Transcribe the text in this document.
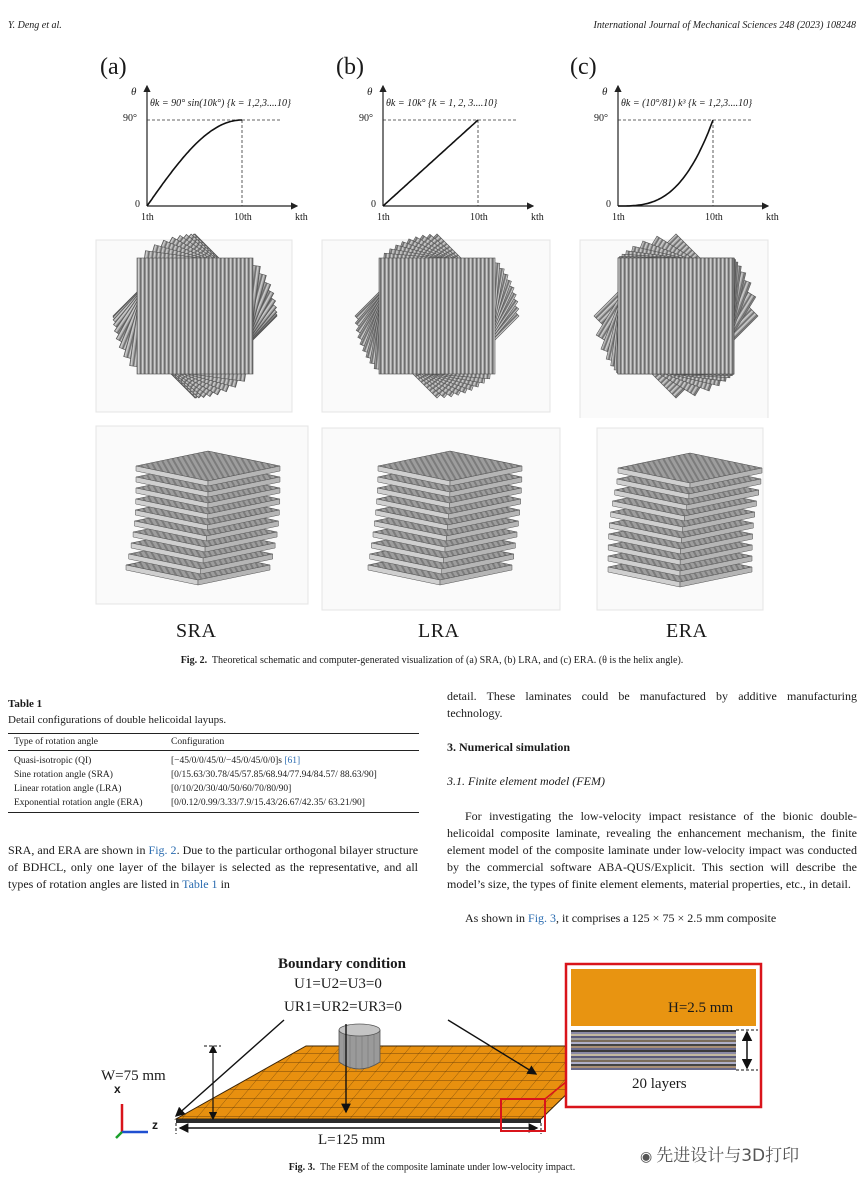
Y. Deng et al.	International Journal of Mechanical Sciences 248 (2023) 108248
(a)	(b)	(c)
θ
90°
0
1th	10th	kth
θk = 90° sin(10k°) {k = 1,2,3....10}
θ
90°
0
1th	10th	kth
θk = 10k° {k = 1, 2, 3....10}
θ
90°
0
1th	10th	kth
θk = (10°/81) k³ {k = 1,2,3....10}
SRA	LRA	ERA
Fig. 2. Theoretical schematic and computer-generated visualization of (a) SRA, (b) LRA, and (c) ERA. (θ is the helix angle).
Table 1
Detail configurations of double helicoidal layups.
Type of rotation angle	Configuration
Quasi-isotropic (QI)	[−45/0/0/45/0/−45/0/45/0/0]s [61]
Sine rotation angle (SRA)	[0/15.63/30.78/45/57.85/68.94/77.94/84.57/ 88.63/90]
Linear rotation angle (LRA)	[0/10/20/30/40/50/60/70/80/90]
Exponential rotation angle (ERA)	[0/0.12/0.99/3.33/7.9/15.43/26.67/42.35/ 63.21/90]
SRA, and ERA are shown in Fig. 2. Due to the particular orthogonal bilayer structure of BDHCL, only one layer of the bilayer is selected as the representative, and all types of rotation angles are listed in Table 1 in
detail. These laminates could be manufactured by additive manufacturing technology.
3. Numerical simulation
3.1. Finite element model (FEM)
For investigating the low-velocity impact resistance of the bionic double-helicoidal composite laminate, revealing the enhancement mechanism, the finite element model of the composite laminate under low-velocity impact was conducted by the commercial software ABA-QUS/Explicit. This section will describe the model’s size, the types of finite element elements, material properties, etc., in detail.
As shown in Fig. 3, it comprises a 125 × 75 × 2.5 mm composite
Boundary condition
U1=U2=U3=0
UR1=UR2=UR3=0
W=75 mm
L=125 mm
H=2.5 mm
20 layers
x
z
◉ 先进设计与3D打印
Fig. 3. The FEM of the composite laminate under low-velocity impact.
